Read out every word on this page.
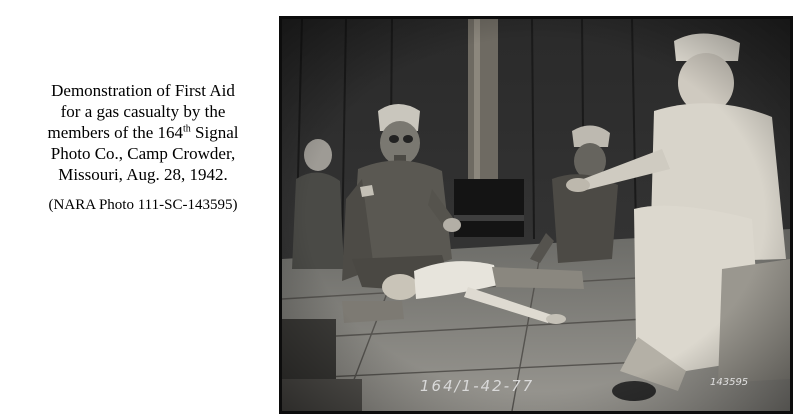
Demonstration of First Aid
for a gas casualty by the
members of the 164th Signal
Photo Co., Camp Crowder,
Missouri, Aug. 28, 1942.

(NARA Photo 111-SC-143595)
164/1-42-77	143595
